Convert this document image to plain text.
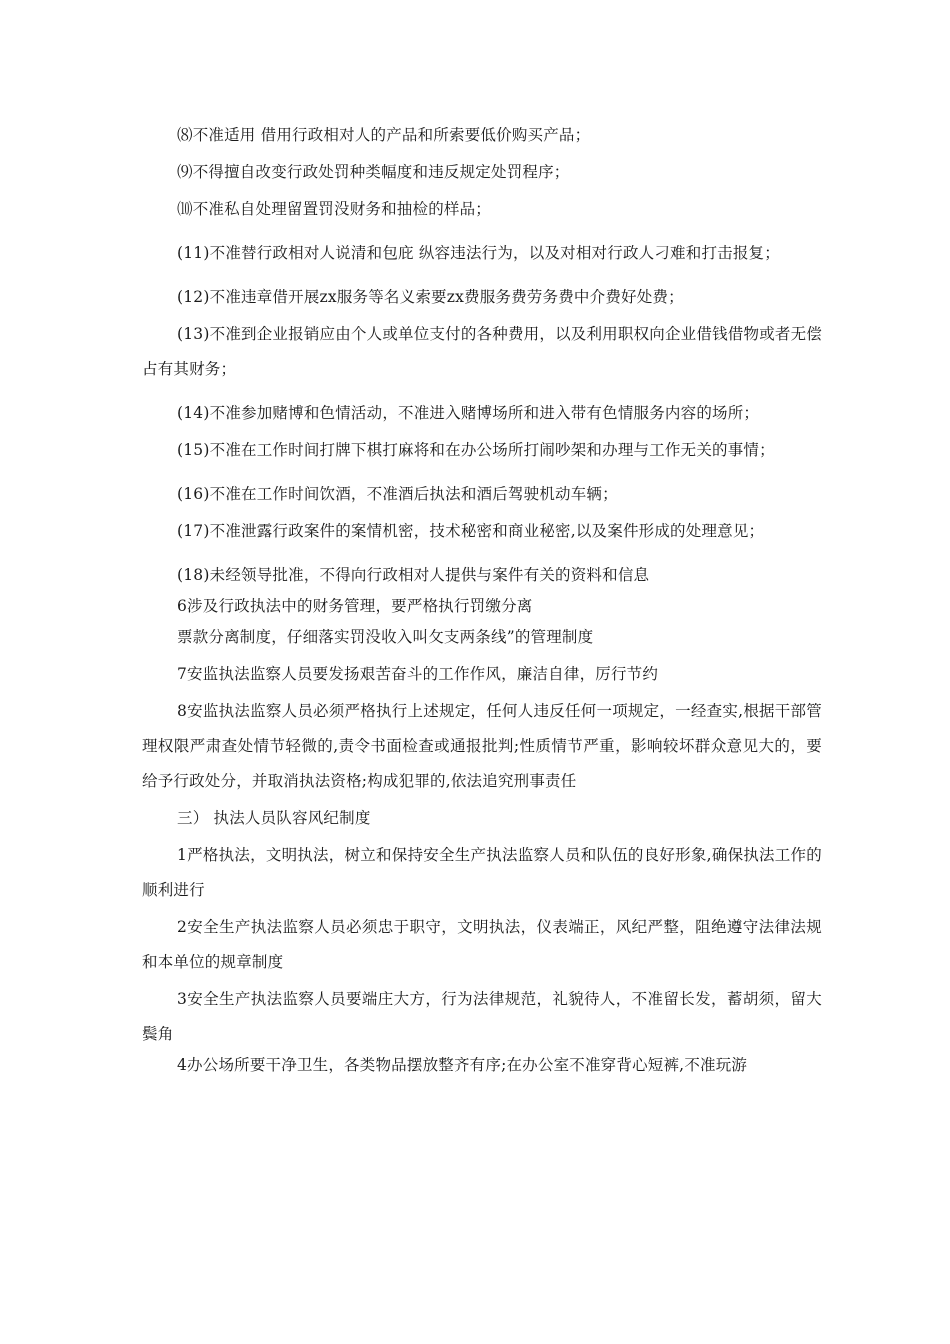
⑻不准适用 借用行政相对人的产品和所索要低价购买产品；

⑼不得擅自改变行政处罚种类幅度和违反规定处罚程序；

⑽不准私自处理留置罚没财务和抽检的样品；

(11)不准替行政相对人说清和包庇 纵容违法行为，以及对相对行政人刁难和打击报复；

(12)不准违章借开展zx服务等名义索要zx费服务费劳务费中介费好处费；

(13)不准到企业报销应由个人或单位支付的各种费用，以及利用职权向企业借钱借物或者无偿占有其财务；

(14)不准参加赌博和色情活动，不准进入赌博场所和进入带有色情服务内容的场所；

(15)不准在工作时间打牌下棋打麻将和在办公场所打闹吵架和办理与工作无关的事情；

(16)不准在工作时间饮酒，不准酒后执法和酒后驾驶机动车辆；

(17)不准泄露行政案件的案情机密，技术秘密和商业秘密,以及案件形成的处理意见；

(18)未经领导批准，不得向行政相对人提供与案件有关的资料和信息

6涉及行政执法中的财务管理，要严格执行罚缴分离

票款分离制度，仔细落实罚没收入叫攵支两条线”的管理制度

7安监执法监察人员要发扬艰苦奋斗的工作作风，廉洁自律，厉行节约

8安监执法监察人员必须严格执行上述规定，任何人违反任何一项规定，一经查实,根据干部管理权限严肃查处情节轻微的,责令书面检查或通报批判;性质情节严重，影响较坏群众意见大的，要给予行政处分，并取消执法资格;构成犯罪的,依法追究刑事责任

三） 执法人员队容风纪制度

1严格执法，文明执法，树立和保持安全生产执法监察人员和队伍的良好形象,确保执法工作的顺利进行

2安全生产执法监察人员必须忠于职守，文明执法，仪表端正，风纪严整，阻绝遵守法律法规和本单位的规章制度

3安全生产执法监察人员要端庄大方，行为法律规范，礼貌待人，不准留长发，蓄胡须，留大鬓角

4办公场所要干净卫生，各类物品摆放整齐有序;在办公室不准穿背心短裤,不准玩游
